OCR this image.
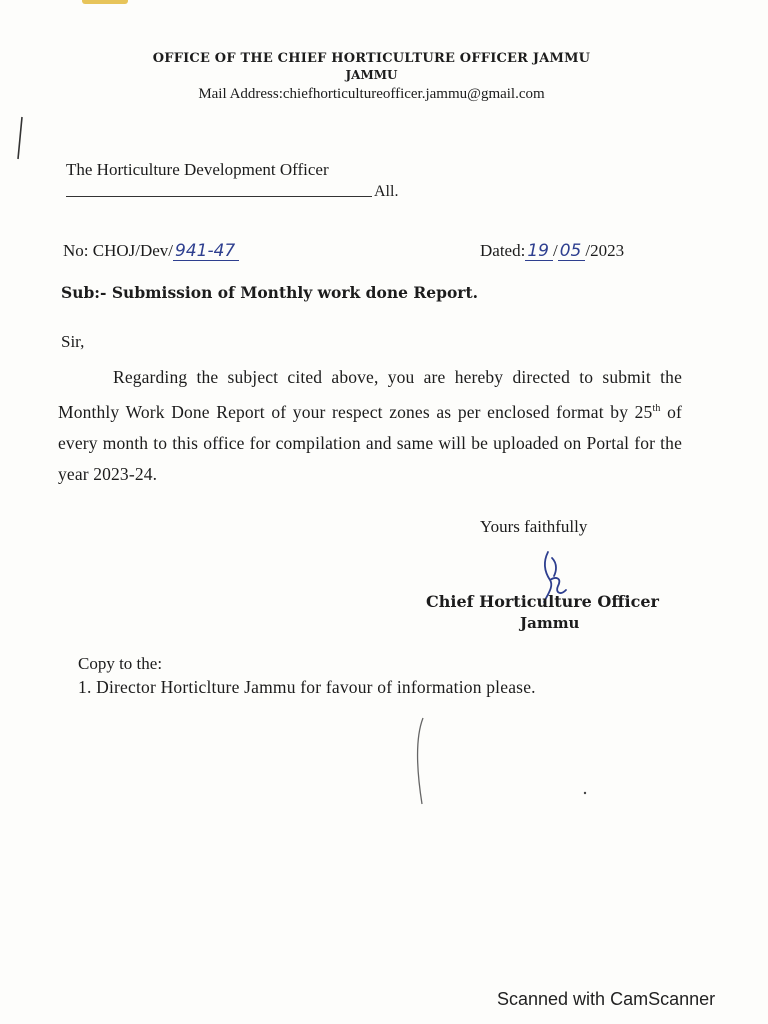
OFFICE OF THE CHIEF HORTICULTURE OFFICER JAMMU
JAMMU
Mail Address:chiefhorticultureofficer.jammu@gmail.com
The Horticulture Development Officer
All.
No: CHOJ/Dev/ 941-47	Dated: 19 / 05 /2023
Sub:- Submission of Monthly work done Report.
Sir,
Regarding the subject cited above, you are hereby directed to submit the Monthly Work Done Report of your respect zones as per enclosed format by 25th of every month to this office for compilation and same will be uploaded on Portal for the year 2023-24.
Yours faithfully
Chief Horticulture Officer
Jammu
Copy to the:
1. Director Horticlture Jammu for favour of information please.
Scanned with CamScanner
